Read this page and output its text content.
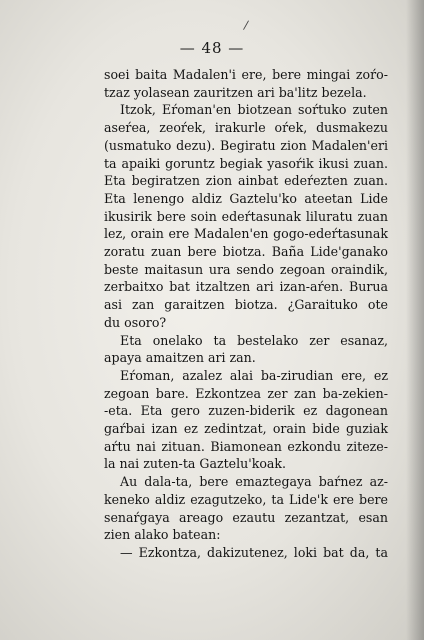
/
— 48 —
soei baita Madalen'i ere, bere mingai zoŕo-
tzaz yolasean zauritzen ari ba'litz bezela.
Itzok, Eŕoman'en biotzean soŕtuko zuten
aseŕea, zeoŕek, irakurle oŕek, dusmakezu
(usmatuko dezu). Begiratu zion Madalen'eri
ta apaiki goruntz begiak yasoŕik ikusi zuan.
Eta begiratzen zion ainbat edeŕezten zuan.
Eta lenengo aldiz Gaztelu'ko ateetan Lide
ikusirik bere soin edeŕtasunak liluratu zuan
lez, orain ere Madalen'en gogo-edeŕtasunak
zoratu zuan bere biotza. Baña Lide'ganako
beste maitasun ura sendo zegoan oraindik,
zerbaitxo bat itzaltzen ari izan-aŕen. Burua
asi zan garaitzen biotza. ¿Garaituko ote
du osoro?
Eta onelako ta bestelako zer esanaz,
apaya amaitzen ari zan.
Eŕoman, azalez alai ba-zirudian ere, ez
zegoan bare. Ezkontzea zer zan ba-zekien-
-eta. Eta gero zuzen-biderik ez dagonean
gaŕbai izan ez zedintzat, orain bide guziak
aŕtu nai zituan. Biamonean ezkondu ziteze-
la nai zuten-ta Gaztelu'koak.
Au dala-ta, bere emaztegaya baŕnez az-
keneko aldiz ezagutzeko, ta Lide'k ere bere
senaŕgaya areago ezautu zezantzat, esan
zien alako batean:
— Ezkontza, dakizutenez, loki bat da, ta
